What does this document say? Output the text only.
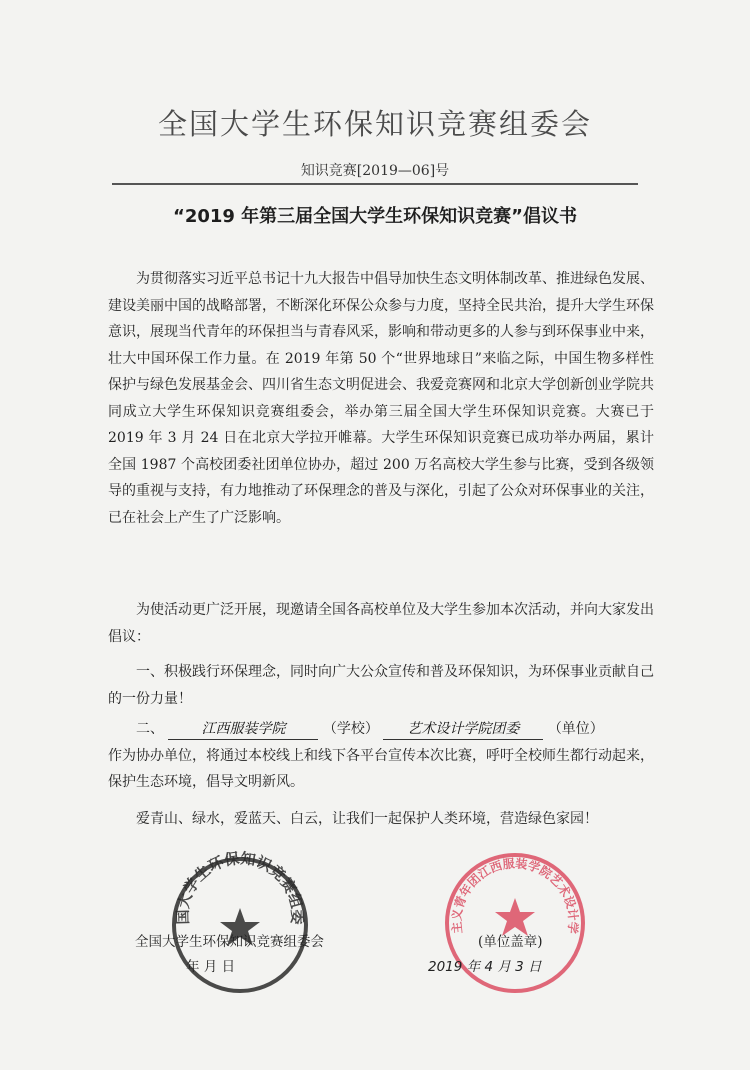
全国大学生环保知识竞赛组委会
知识竞赛[2019—06]号
“2019 年第三届全国大学生环保知识竞赛”倡议书
为贯彻落实习近平总书记十九大报告中倡导加快生态文明体制改革、推进绿色发展、建设美丽中国的战略部署，不断深化环保公众参与力度，坚持全民共治，提升大学生环保意识，展现当代青年的环保担当与青春风采，影响和带动更多的人参与到环保事业中来，壮大中国环保工作力量。在 2019 年第 50 个“世界地球日”来临之际，中国生物多样性保护与绿色发展基金会、四川省生态文明促进会、我爱竞赛网和北京大学创新创业学院共同成立大学生环保知识竞赛组委会，举办第三届全国大学生环保知识竞赛。大赛已于 2019 年 3 月 24 日在北京大学拉开帷幕。大学生环保知识竞赛已成功举办两届，累计全国 1987 个高校团委社团单位协办，超过 200 万名高校大学生参与比赛，受到各级领导的重视与支持，有力地推动了环保理念的普及与深化，引起了公众对环保事业的关注，已在社会上产生了广泛影响。
为使活动更广泛开展，现邀请全国各高校单位及大学生参加本次活动，并向大家发出倡议：
一、积极践行环保理念，同时向广大公众宣传和普及环保知识，为环保事业贡献自己的一份力量！
二、	江西服装学院	（学校） 艺术设计学院团委 （单位）

作为协办单位，将通过本校线上和线下各平台宣传本次比赛，呼吁全校师生都行动起来，保护生态环境，倡导文明新风。
爱青山、绿水，爱蓝天、白云，让我们一起保护人类环境，营造绿色家园！
国大学生环保知识竞赛组委
主义青年团江西服装学院艺术设计学
全国大学生环保知识竞赛组委会
年 月 日
(单位盖章)
2019 年 4 月 3 日
